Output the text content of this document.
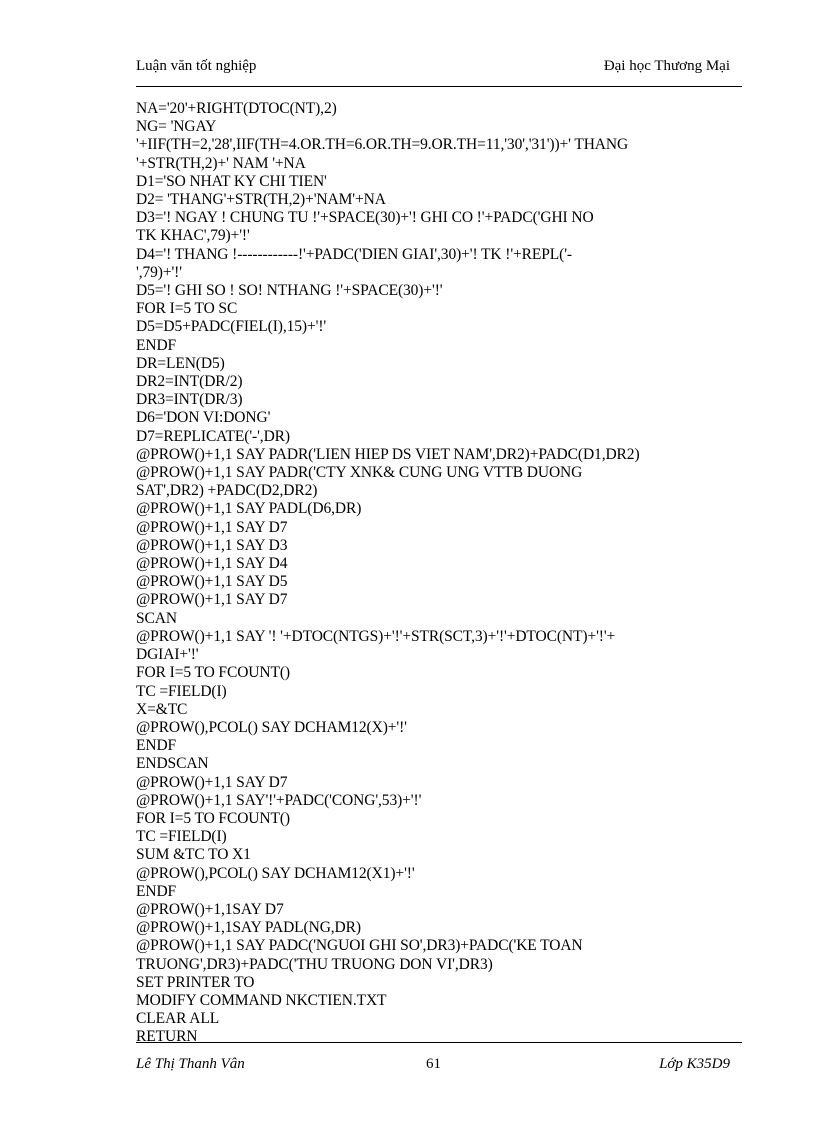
Luận văn tốt nghiệp	Đại học Thương Mại
NA='20'+RIGHT(DTOC(NT),2)
NG= 'NGAY
'+IIF(TH=2,'28',IIF(TH=4.OR.TH=6.OR.TH=9.OR.TH=11,'30','31'))+' THANG
'+STR(TH,2)+' NAM '+NA
D1='SO NHAT KY CHI TIEN'
D2= 'THANG'+STR(TH,2)+'NAM'+NA
D3='! NGAY ! CHUNG TU !'+SPACE(30)+'! GHI CO !'+PADC('GHI NO
TK KHAC',79)+'!'
D4='! THANG !------------!'+PADC('DIEN GIAI',30)+'! TK !'+REPL('-
',79)+'!'
D5='! GHI SO ! SO! NTHANG !'+SPACE(30)+'!'
FOR I=5 TO SC
D5=D5+PADC(FIEL(I),15)+'!'
ENDF
DR=LEN(D5)
DR2=INT(DR/2)
DR3=INT(DR/3)
D6='DON VI:DONG'
D7=REPLICATE('-',DR)
@PROW()+1,1 SAY PADR('LIEN HIEP DS VIET NAM',DR2)+PADC(D1,DR2)
@PROW()+1,1 SAY PADR('CTY XNK& CUNG UNG VTTB DUONG
SAT',DR2) +PADC(D2,DR2)
@PROW()+1,1 SAY PADL(D6,DR)
@PROW()+1,1 SAY D7
@PROW()+1,1 SAY D3
@PROW()+1,1 SAY D4
@PROW()+1,1 SAY D5
@PROW()+1,1 SAY D7
SCAN
@PROW()+1,1 SAY '! '+DTOC(NTGS)+'!'+STR(SCT,3)+'!'+DTOC(NT)+'!'+
DGIAI+'!'
FOR I=5 TO FCOUNT()
TC =FIELD(I)
X=&TC
@PROW(),PCOL() SAY DCHAM12(X)+'!'
ENDF
ENDSCAN
@PROW()+1,1 SAY D7
@PROW()+1,1 SAY'!'+PADC('CONG',53)+'!'
FOR I=5 TO FCOUNT()
TC =FIELD(I)
SUM &TC TO X1
@PROW(),PCOL() SAY DCHAM12(X1)+'!'
ENDF
@PROW()+1,1SAY D7
@PROW()+1,1SAY PADL(NG,DR)
@PROW()+1,1 SAY PADC('NGUOI GHI SO',DR3)+PADC('KE TOAN
TRUONG',DR3)+PADC('THU TRUONG DON VI',DR3)
SET PRINTER TO
MODIFY COMMAND NKCTIEN.TXT
CLEAR ALL
RETURN
Lê Thị Thanh Vân	61	Lớp K35D9
